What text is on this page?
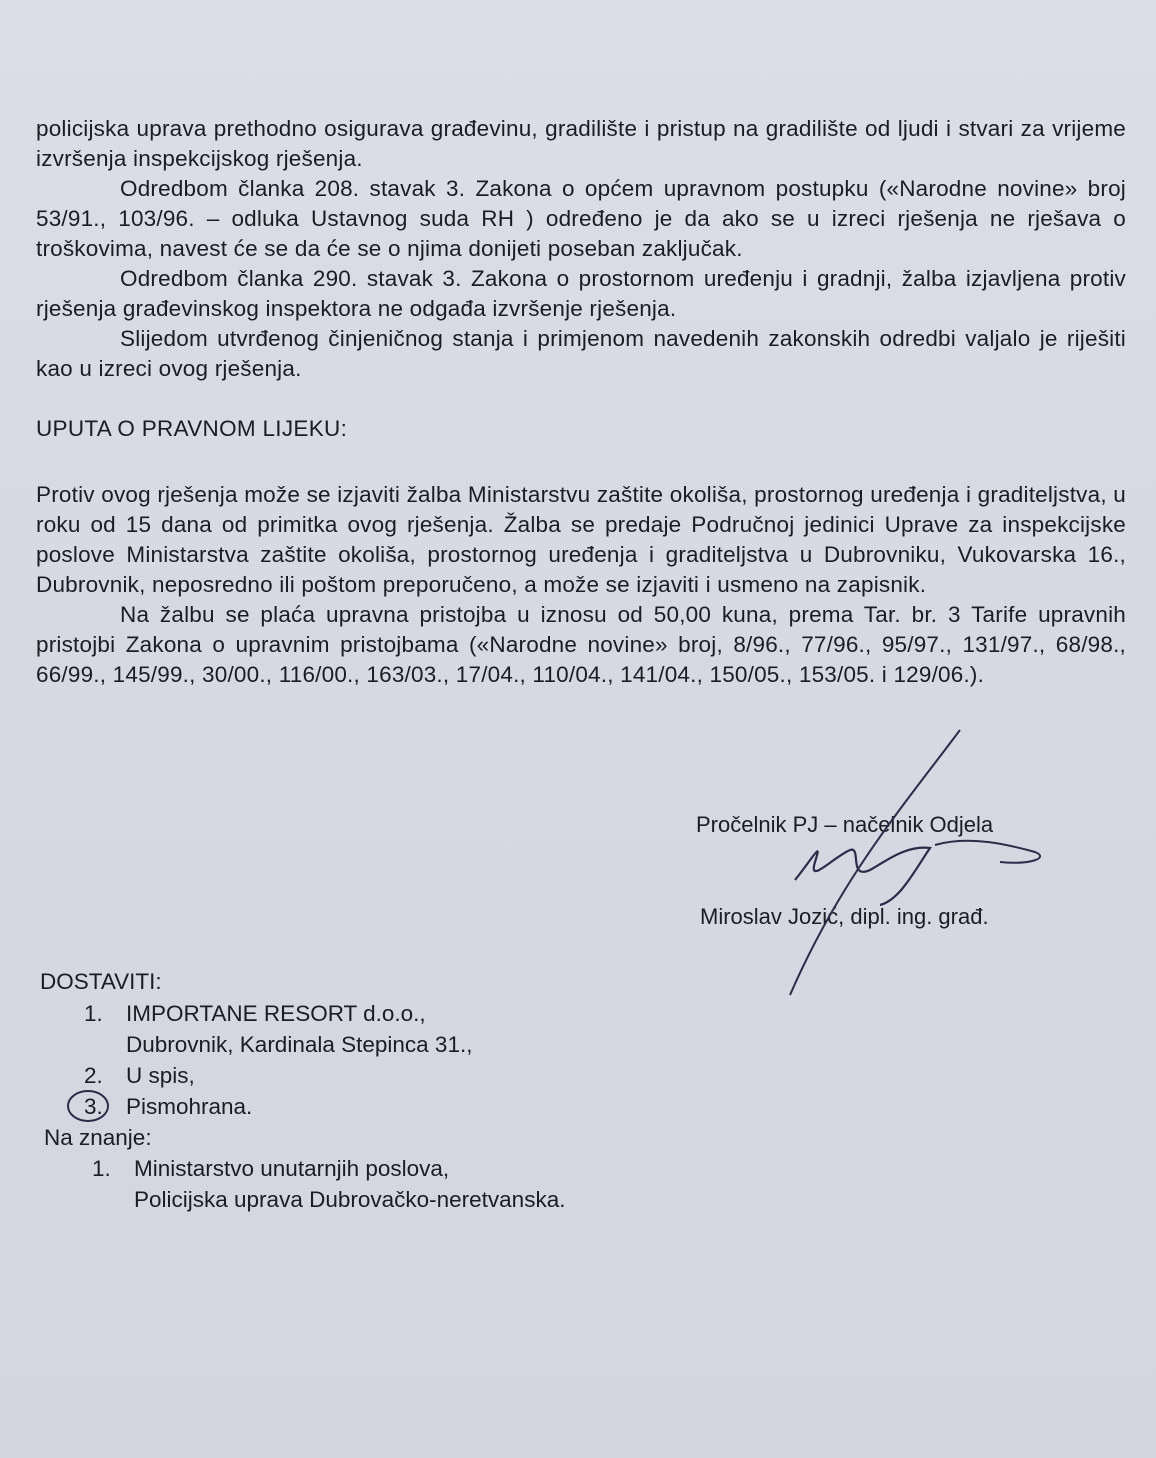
policijska uprava prethodno osigurava građevinu, gradilište i pristup na gradilište od ljudi i stvari za vrijeme izvršenja inspekcijskog rješenja.

Odredbom članka 208. stavak 3. Zakona o općem upravnom postupku («Narodne novine» broj 53/91., 103/96. – odluka Ustavnog suda RH ) određeno je da ako se u izreci rješenja ne rješava o troškovima, navest će se da će se o njima donijeti poseban zaključak.

Odredbom članka 290. stavak 3. Zakona o prostornom uređenju i gradnji, žalba izjavljena protiv rješenja građevinskog inspektora ne odgađa izvršenje rješenja.

Slijedom utvrđenog činjeničnog stanja i primjenom navedenih zakonskih odredbi valjalo je riješiti kao u izreci ovog rješenja.

UPUTA O PRAVNOM LIJEKU:

Protiv ovog rješenja može se izjaviti žalba Ministarstvu zaštite okoliša, prostornog uređenja i graditeljstva, u roku od 15 dana od primitka ovog rješenja. Žalba se predaje Područnoj jedinici Uprave za inspekcijske poslove Ministarstva zaštite okoliša, prostornog uređenja i graditeljstva u Dubrovniku, Vukovarska 16., Dubrovnik, neposredno ili poštom preporučeno, a može se izjaviti i usmeno na zapisnik.

Na žalbu se plaća upravna pristojba u iznosu od 50,00 kuna, prema Tar. br. 3 Tarife upravnih pristojbi Zakona o upravnim pristojbama («Narodne novine» broj, 8/96., 77/96., 95/97., 131/97., 68/98., 66/99., 145/99., 30/00., 116/00., 163/03., 17/04., 110/04., 141/04., 150/05., 153/05. i 129/06.).

Pročelnik PJ – načelnik Odjela
Miroslav Jozić, dipl. ing. građ.
DOSTAVITI:
1. IMPORTANE RESORT d.o.o.,
Dubrovnik, Kardinala Stepinca 31.,
2. U spis,
3. Pismohrana.
Na znanje:
1. Ministarstvo unutarnjih poslova,
Policijska uprava Dubrovačko-neretvanska.
